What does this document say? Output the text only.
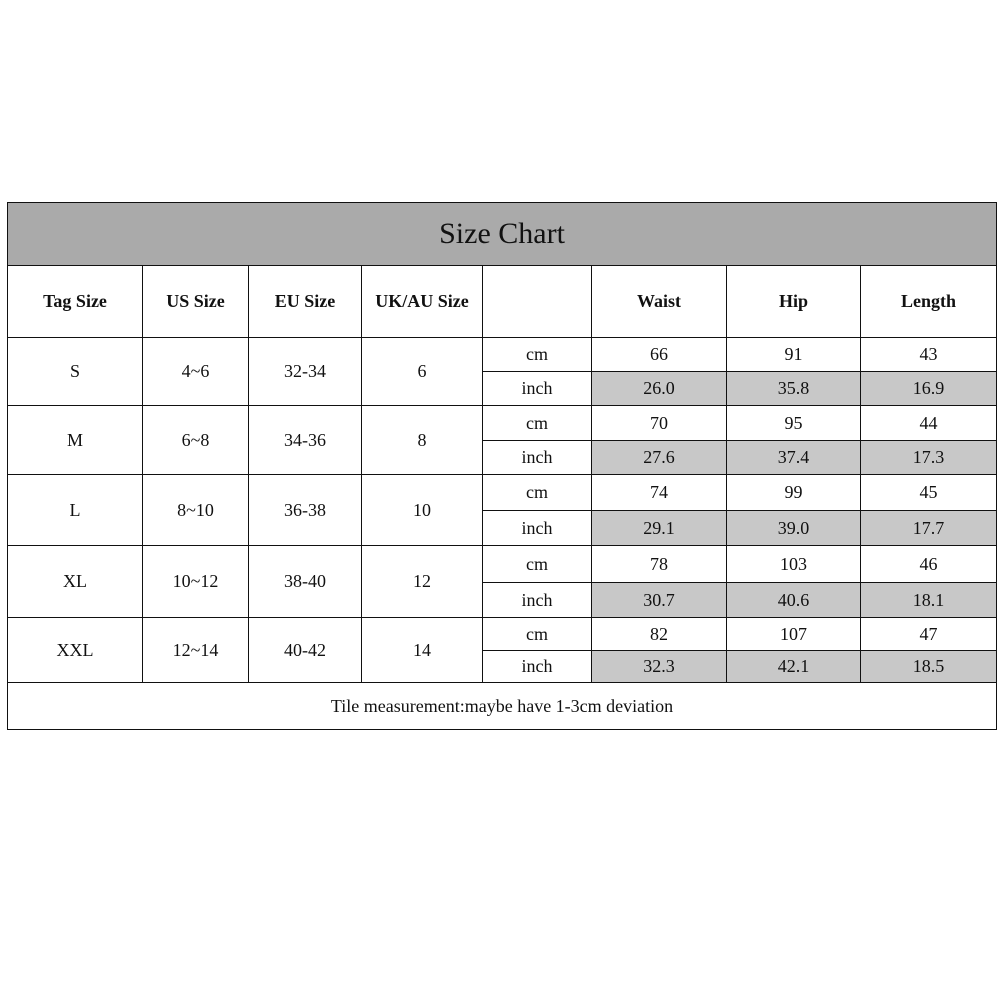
Size Chart							
Tag Size	US Size	EU Size	UK/AU Size		Waist	Hip	Length
S	4~6	32-34	6	cm	66	91	43
				inch	26.0	35.8	16.9
M	6~8	34-36	8	cm	70	95	44
				inch	27.6	37.4	17.3
L	8~10	36-38	10	cm	74	99	45
				inch	29.1	39.0	17.7
XL	10~12	38-40	12	cm	78	103	46
				inch	30.7	40.6	18.1
XXL	12~14	40-42	14	cm	82	107	47
				inch	32.3	42.1	18.5
Tile measurement:maybe have 1-3cm deviation							
